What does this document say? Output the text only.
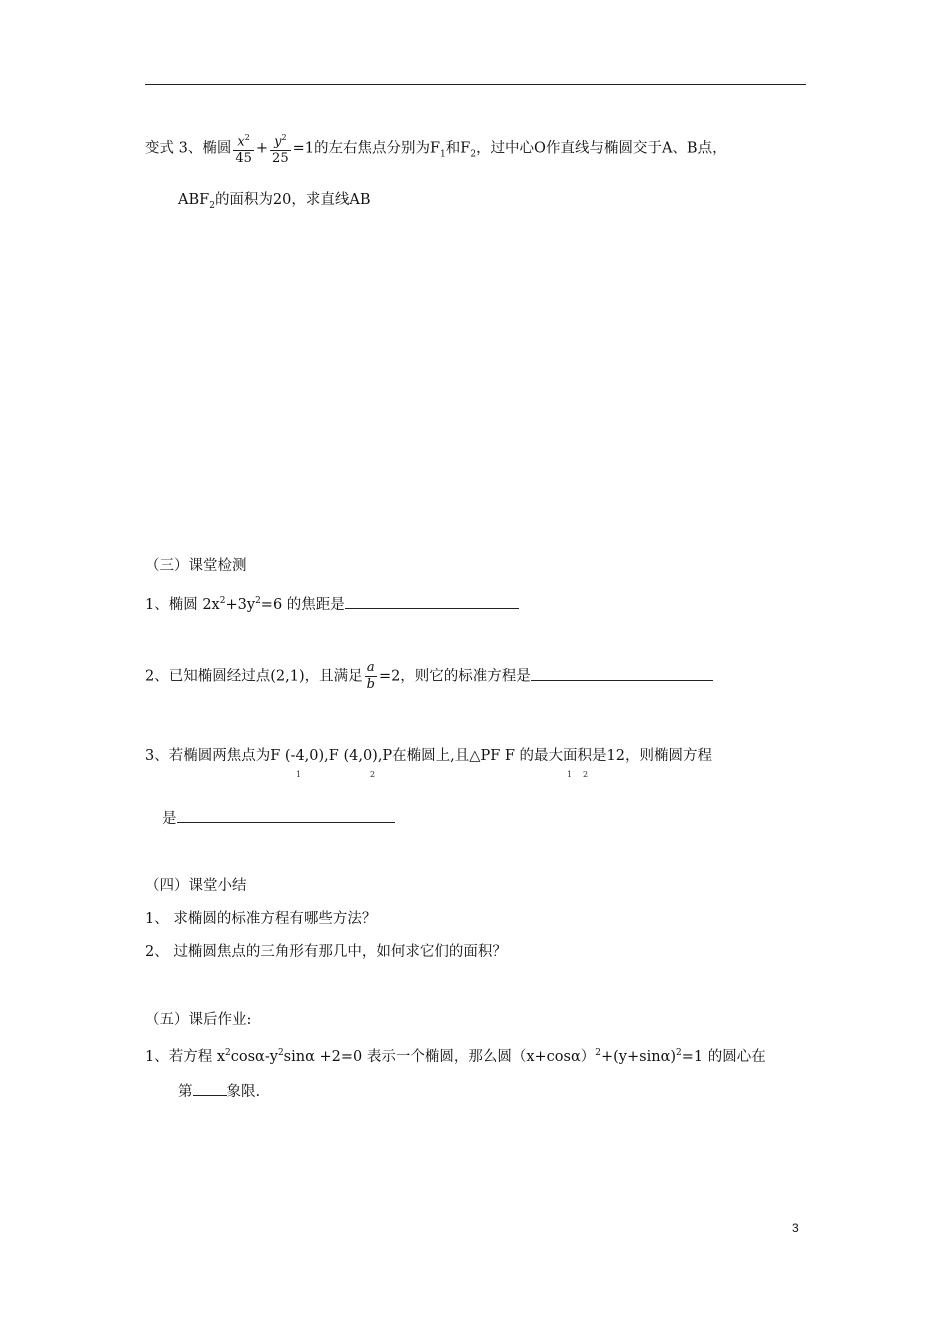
变式 3、椭圆 $\frac{x^2}{45} + \frac{y^2}{25} =1$的左右焦点分别为$F_1$和$F_2$，过中心O作直线与椭圆交于A、B点，
$ABF_2$的面积为20，求直线AB
（三）课堂检测
1、椭圆 $2x^2+3y^2=6$ 的焦距是
2、已知椭圆经过点(2,1)，且满足 $\frac{a}{b} =2$，则它的标准方程是
3、若椭圆两焦点为F (-4,0),F (4,0),P在椭圆上,且△PF F 的最大面积是12，则椭圆方程
1	2	1 2
是
（四）课堂小结
1、 求椭圆的标准方程有哪些方法？
2、 过椭圆焦点的三角形有那几中，如何求它们的面积？
（五）课后作业:
1、若方程 $x^2\cos\alpha-y^2\sin\alpha +2=0$ 表示一个椭圆，那么圆$(x+\cos\alpha)^2+(y+\sin\alpha)^2=1$ 的圆心在
第 象限.
3
